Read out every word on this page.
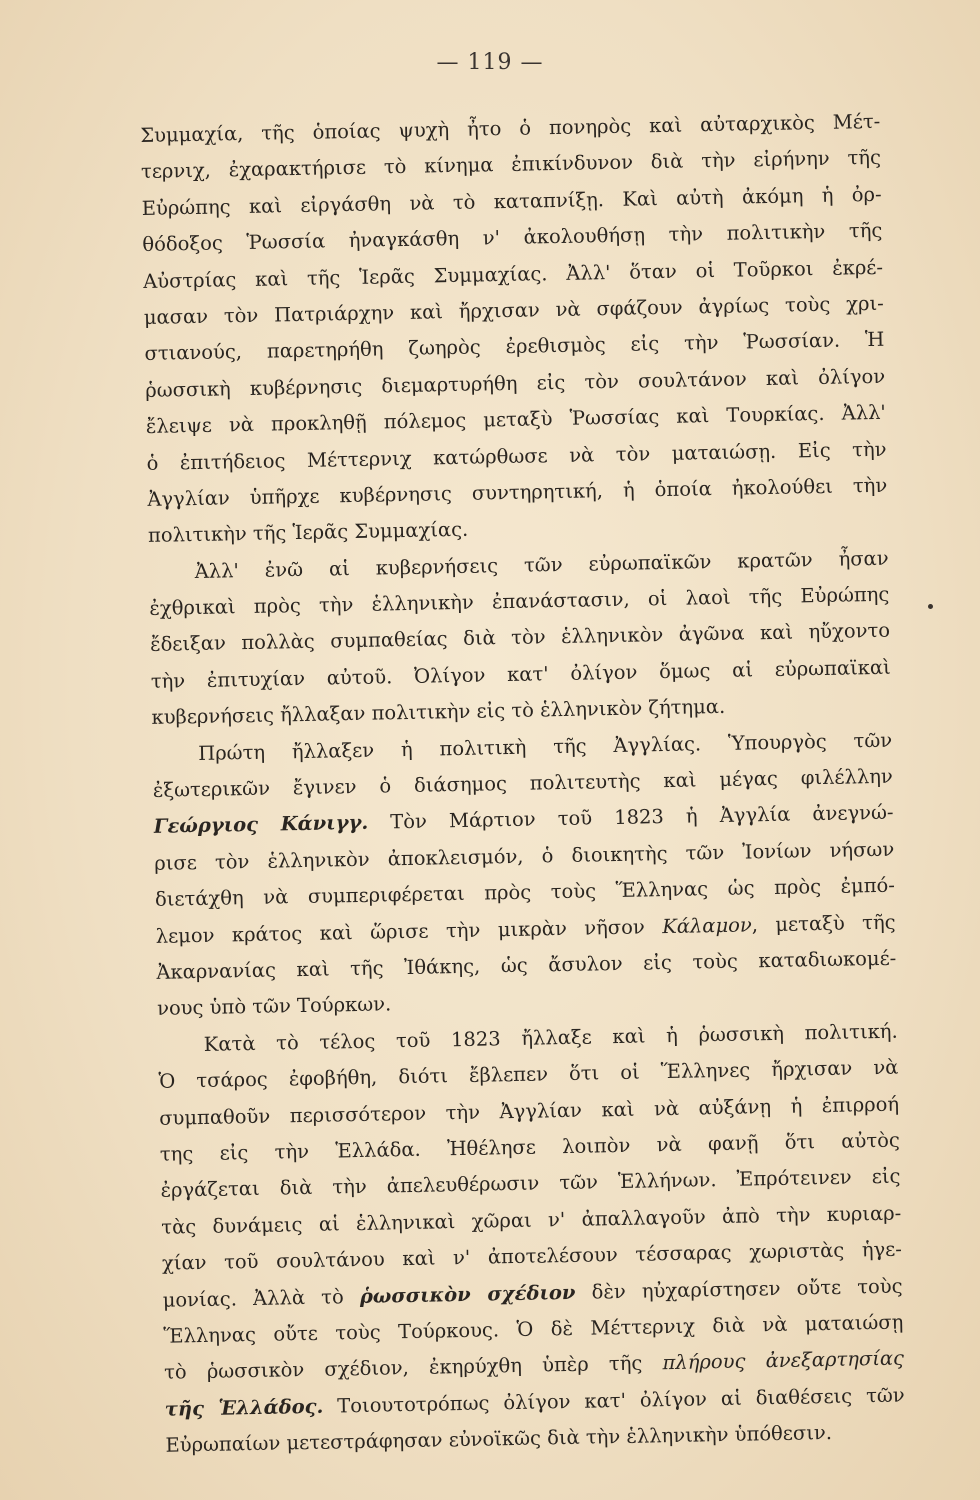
— 119 —
Συμμαχία, τῆς ὁποίας ψυχὴ ἦτο ὁ πονηρὸς καὶ αὐταρχικὸς Μέτ-
τερνιχ, ἐχαρακτήρισε τὸ κίνημα ἐπικίνδυνον διὰ τὴν εἰρήνην τῆς
Εὐρώπης καὶ εἰργάσθη νὰ τὸ καταπνίξῃ. Καὶ αὐτὴ ἀκόμη ἡ ὀρ-
θόδοξος Ῥωσσία ἠναγκάσθη ν' ἀκολουθήσῃ τὴν πολιτικὴν τῆς
Αὐστρίας καὶ τῆς Ἱερᾶς Συμμαχίας. Ἀλλ' ὅταν οἱ Τοῦρκοι ἐκρέ-
μασαν τὸν Πατριάρχην καὶ ἤρχισαν νὰ σφάζουν ἀγρίως τοὺς χρι-
στιανούς, παρετηρήθη ζωηρὸς ἐρεθισμὸς εἰς τὴν Ῥωσσίαν. Ἡ
ῥωσσικὴ κυβέρνησις διεμαρτυρήθη εἰς τὸν σουλτάνον καὶ ὀλίγον
ἔλειψε νὰ προκληθῇ πόλεμος μεταξὺ Ῥωσσίας καὶ Τουρκίας. Ἀλλ'
ὁ ἐπιτήδειος Μέττερνιχ κατώρθωσε νὰ τὸν ματαιώσῃ. Εἰς τὴν
Ἀγγλίαν ὑπῆρχε κυβέρνησις συντηρητική, ἡ ὁποία ἠκολούθει τὴν
πολιτικὴν τῆς Ἱερᾶς Συμμαχίας.
Ἀλλ' ἐνῶ αἱ κυβερνήσεις τῶν εὐρωπαϊκῶν κρατῶν ἦσαν
ἐχθρικαὶ πρὸς τὴν ἑλληνικὴν ἐπανάστασιν, οἱ λαοὶ τῆς Εὐρώπης
ἔδειξαν πολλὰς συμπαθείας διὰ τὸν ἑλληνικὸν ἀγῶνα καὶ ηὔχοντο
τὴν ἐπιτυχίαν αὐτοῦ. Ὀλίγον κατ' ὀλίγον ὅμως αἱ εὐρωπαϊκαὶ
κυβερνήσεις ἤλλαξαν πολιτικὴν εἰς τὸ ἑλληνικὸν ζήτημα.
Πρώτη ἤλλαξεν ἡ πολιτικὴ τῆς Ἀγγλίας. Ὑπουργὸς τῶν
ἐξωτερικῶν ἔγινεν ὁ διάσημος πολιτευτὴς καὶ μέγας φιλέλλην
Γεώργιος Κάνιγγ. Τὸν Μάρτιον τοῦ 1823 ἡ Ἀγγλία ἀνεγνώ-
ρισε τὸν ἑλληνικὸν ἀποκλεισμόν, ὁ διοικητὴς τῶν Ἰονίων νήσων
διετάχθη νὰ συμπεριφέρεται πρὸς τοὺς Ἕλληνας ὡς πρὸς ἐμπό-
λεμον κράτος καὶ ὥρισε τὴν μικρὰν νῆσον Κάλαμον, μεταξὺ τῆς
Ἀκαρνανίας καὶ τῆς Ἰθάκης, ὡς ἄσυλον εἰς τοὺς καταδιωκομέ-
νους ὑπὸ τῶν Τούρκων.
Κατὰ τὸ τέλος τοῦ 1823 ἤλλαξε καὶ ἡ ῥωσσικὴ πολιτική.
Ὁ τσάρος ἐφοβήθη, διότι ἔβλεπεν ὅτι οἱ Ἕλληνες ἤρχισαν νὰ
συμπαθοῦν περισσότερον τὴν Ἀγγλίαν καὶ νὰ αὐξάνῃ ἡ ἐπιρροή
της εἰς τὴν Ἑλλάδα. Ἠθέλησε λοιπὸν νὰ φανῇ ὅτι αὐτὸς
ἐργάζεται διὰ τὴν ἀπελευθέρωσιν τῶν Ἑλλήνων. Ἐπρότεινεν εἰς
τὰς δυνάμεις αἱ ἑλληνικαὶ χῶραι ν' ἀπαλλαγοῦν ἀπὸ τὴν κυριαρ-
χίαν τοῦ σουλτάνου καὶ ν' ἀποτελέσουν τέσσαρας χωριστὰς ἡγε-
μονίας. Ἀλλὰ τὸ ῥωσσικὸν σχέδιον δὲν ηὐχαρίστησεν οὔτε τοὺς
Ἕλληνας οὔτε τοὺς Τούρκους. Ὁ δὲ Μέττερνιχ διὰ νὰ ματαιώσῃ
τὸ ῥωσσικὸν σχέδιον, ἐκηρύχθη ὑπὲρ τῆς πλήρους ἀνεξαρτησίας
τῆς Ἑλλάδος. Τοιουτοτρόπως ὀλίγον κατ' ὀλίγον αἱ διαθέσεις τῶν
Εὐρωπαίων μετεστράφησαν εὐνοϊκῶς διὰ τὴν ἑλληνικὴν ὑπόθεσιν.
